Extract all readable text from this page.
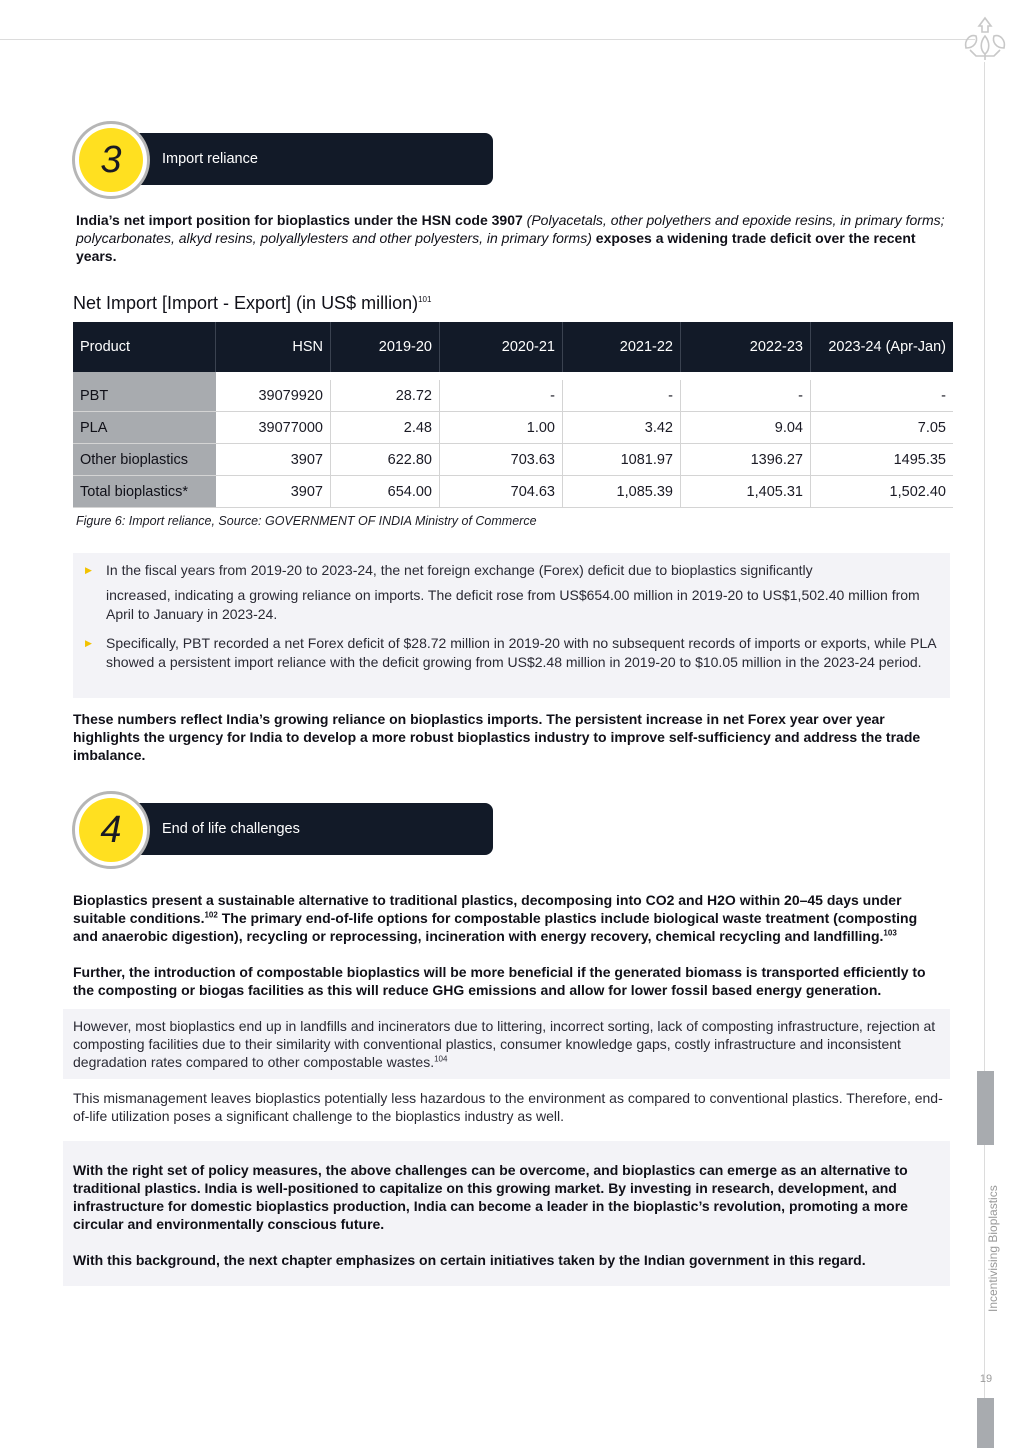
Incentivising Bioplastics
19
Import reliance
3
India’s net import position for bioplastics under the HSN code 3907 (Polyacetals, other polyethers and epoxide resins, in primary forms; polycarbonates, alkyd resins, polyallylesters and other polyesters, in primary forms) exposes a widening trade deficit over the recent years.
Net Import [Import - Export] (in US$ million)$^{101}$
Product	HSN	2019-20	2020-21	2021-22	2022-23	2023-24 (Apr-Jan)

PBT	39079920	28.72	-	-	-	-
PLA	39077000	2.48	1.00	3.42	9.04	7.05
Other bioplastics	3907	622.80	703.63	1081.97	1396.27	1495.35
Total bioplastics*	3907	654.00	704.63	1,085.39	1,405.31	1,502.40
Figure 6: Import reliance, Source: GOVERNMENT OF INDIA Ministry of Commerce
▶ In the fiscal years from 2019-20 to 2023-24, the net foreign exchange (Forex) deficit due to bioplastics significantly
increased, indicating a growing reliance on imports. The deficit rose from US$654.00 million in 2019-20 to US$1,502.40 million from April to January in 2023-24.
▶ Specifically, PBT recorded a net Forex deficit of $28.72 million in 2019-20 with no subsequent records of imports or exports, while PLA showed a persistent import reliance with the deficit growing from US$2.48 million in 2019-20 to $10.05 million in the 2023-24 period.
These numbers reflect India’s growing reliance on bioplastics imports. The persistent increase in net Forex year over year highlights the urgency for India to develop a more robust bioplastics industry to improve self-sufficiency and address the trade imbalance.
End of life challenges
4
Bioplastics present a sustainable alternative to traditional plastics, decomposing into CO2 and H2O within 20–45 days under suitable conditions.$^{102}$ The primary end-of-life options for compostable plastics include biological waste treatment (composting and anaerobic digestion), recycling or reprocessing, incineration with energy recovery, chemical recycling and landfilling.$^{103}$
Further, the introduction of compostable bioplastics will be more beneficial if the generated biomass is transported efficiently to the composting or biogas facilities as this will reduce GHG emissions and allow for lower fossil based energy generation.
However, most bioplastics end up in landfills and incinerators due to littering, incorrect sorting, lack of composting infrastructure, rejection at composting facilities due to their similarity with conventional plastics, consumer knowledge gaps, costly infrastructure and inconsistent degradation rates compared to other compostable wastes.$^{104}$
This mismanagement leaves bioplastics potentially less hazardous to the environment as compared to conventional plastics. Therefore, end-of-life utilization poses a significant challenge to the bioplastics industry as well.
With the right set of policy measures, the above challenges can be overcome, and bioplastics can emerge as an alternative to traditional plastics. India is well-positioned to capitalize on this growing market. By investing in research, development, and infrastructure for domestic bioplastics production, India can become a leader in the bioplastic’s revolution, promoting a more circular and environmentally conscious future.
With this background, the next chapter emphasizes on certain initiatives taken by the Indian government in this regard.
